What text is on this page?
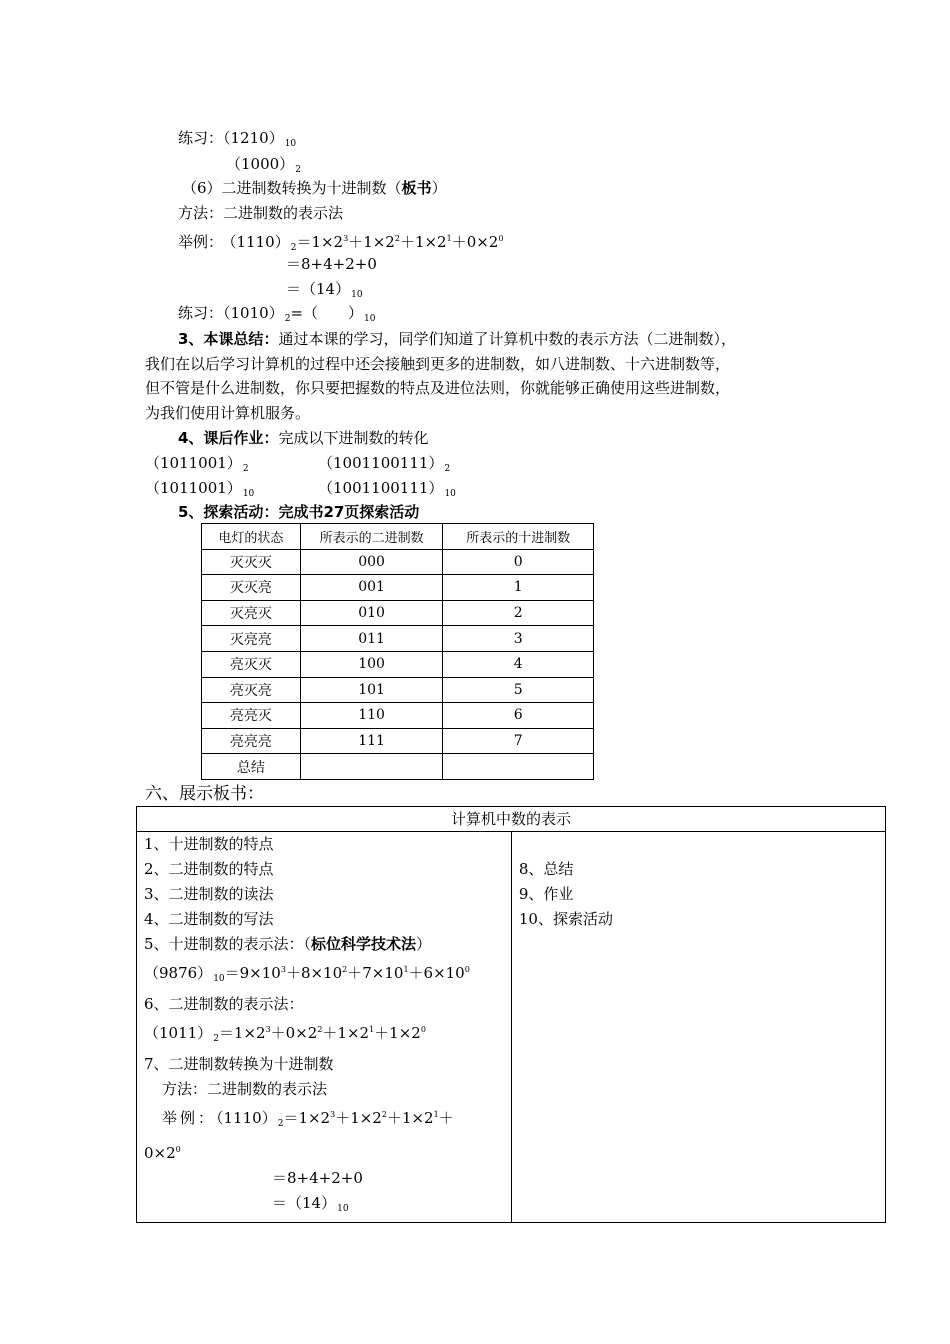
练习：$(1210)_{10}$
$(1000)_2$
（6）二进制数转换为十进制数（板书）
方法：二进制数的表示法
举例： $(1110)_2=1\times 2^3+1\times 2^2+1\times 2^1+0\times 2^0$
＝8+4+2+0
$=(14)_{10}$
练习：$(1010)_2=$（　　）$_{10}$
3、本课总结：通过本课的学习，同学们知道了计算机中数的表示方法（二进制数），
我们在以后学习计算机的过程中还会接触到更多的进制数，如八进制数、十六进制数等，
但不管是什么进制数，你只要把握数的特点及进位法则，你就能够正确使用这些进制数，
为我们使用计算机服务。
4、课后作业：完成以下进制数的转化
$(1011001)_2$	$(1001100111)_2$
$(1011001)_{10}$	$(1001100111)_{10}$
5、探索活动：完成书27页探索活动
电灯的状态	所表示的二进制数	所表示的十进制数
灭灭灭	000	0
灭灭亮	001	1
灭亮灭	010	2
灭亮亮	011	3
亮灭灭	100	4
亮灭亮	101	5
亮亮灭	110	6
亮亮亮	111	7
总结		
六、展示板书：
计算机中数的表示

1、十进制数的特点
2、二进制数的特点
3、二进制数的读法
4、二进制数的写法
5、十进制数的表示法：（标位科学技术法）
$(9876)_{10}=9\times 10^3+8\times 10^2+7\times 10^1+6\times 10^0$
6、二进制数的表示法：
$(1011)_2=1\times 2^3+0\times 2^2+1\times 2^1+1\times 2^0$
7、二进制数转换为十进制数
方法：二进制数的表示法
举例：$(1110)_2=1\times 2^3+1\times 2^2+1\times 2^1+$
$0\times 2^0$
＝8+4+2+0
$=(14)_{10}$

8、总结
9、作业
10、探索活动
